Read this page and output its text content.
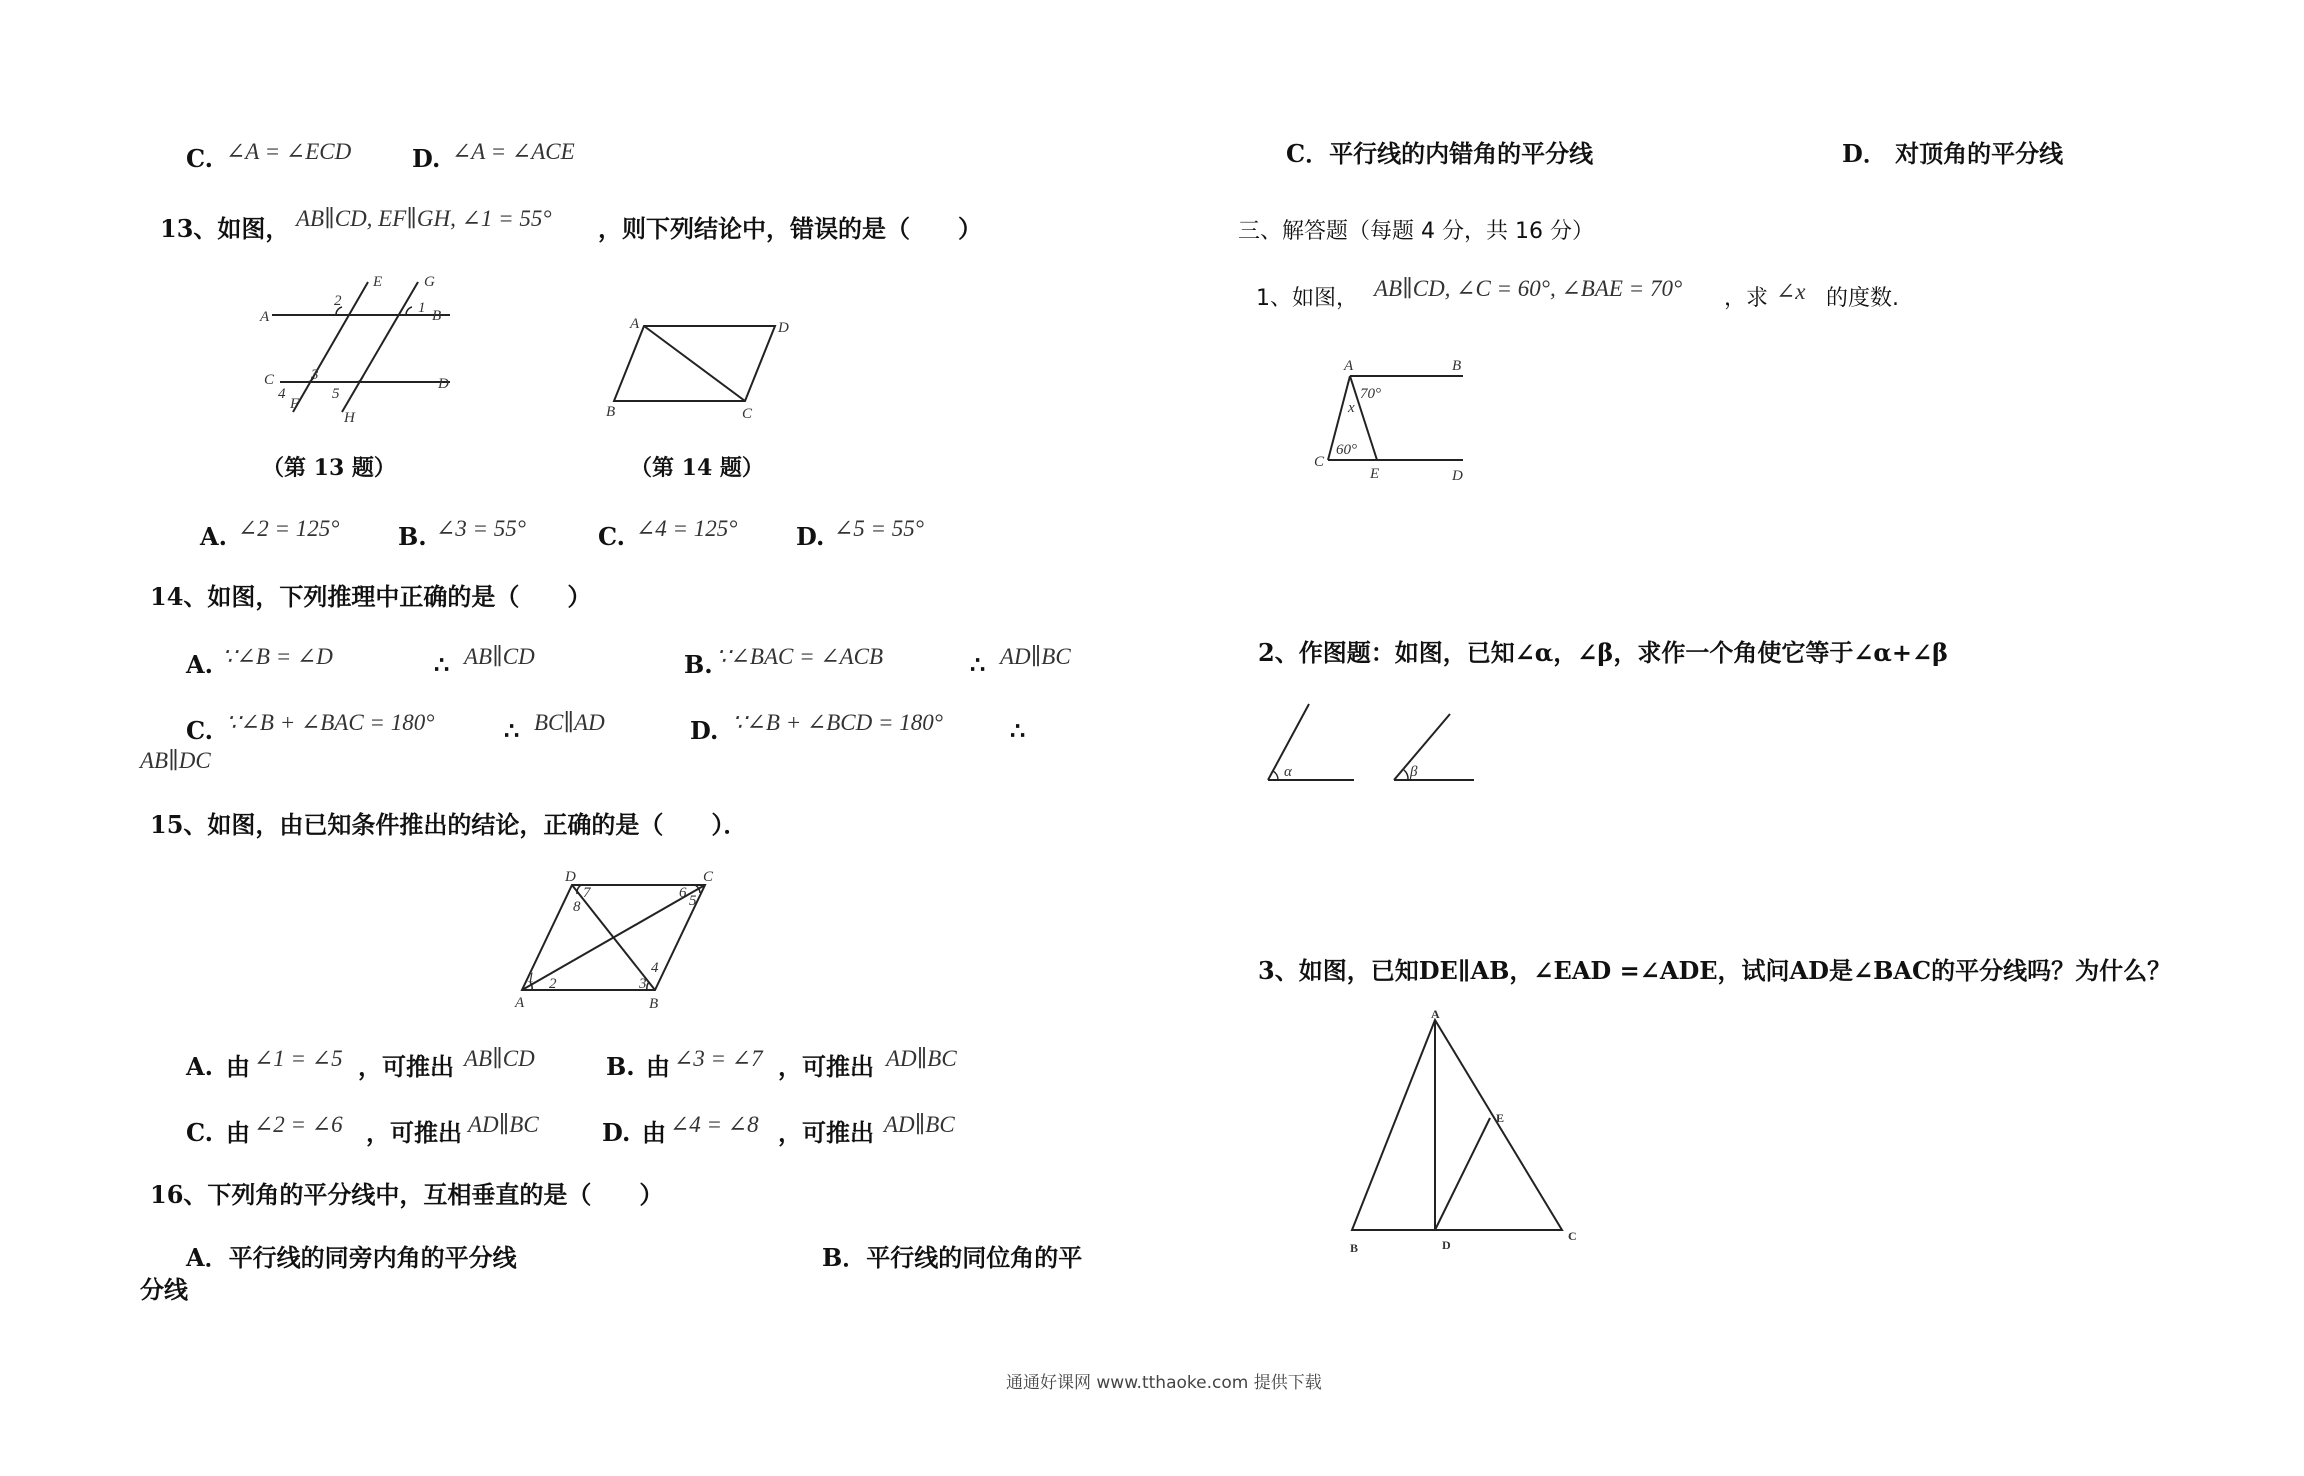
C. ∠A = ∠ECD	D. ∠A = ∠ACE
13、如图， AB∥CD, EF∥GH, ∠1 = 55° ，则下列结论中，错误的是（　　）
A	B
C	D
E
F
G
H
1
2
3
4	5
A
B	C
D
（第 13 题）	（第 14 题）
A. ∠2 = 125° B. ∠3 = 55°	C. ∠4 = 125° D. ∠5 = 55°
14、如图，下列推理中正确的是（　　）
A. ∵∠B = ∠D	∴ AB∥CD	B. ∵∠BAC = ∠ACB	∴ AD∥BC
C. ∵∠B + ∠BAC = 180°	∴ BC∥AD	D. ∵∠B + ∠BCD = 180°	∴
AB∥DC
15、如图，由已知条件推出的结论，正确的是（　　）．
A	B
C
D
1 2	3
4
5
6
7
8
A. 由 ∠1 = ∠5 ，可推出 AB∥CD	B. 由 ∠3 = ∠7 ，可推出 AD∥BC
C. 由 ∠2 = ∠6 ，可推出 AD∥BC	D. 由 ∠4 = ∠8 ，可推出 AD∥BC
16、下列角的平分线中，互相垂直的是（　　）
A．平行线的同旁内角的平分线	B．平行线的同位角的平
分线
C．平行线的内错角的平分线	D． 对顶角的平分线
三、解答题（每题 4 分，共 16 分）
1、如图， AB∥CD, ∠C = 60°, ∠BAE = 70° ，求 ∠x 的度数.
A	B
C
D
E
x
70°
60°
2、作图题：如图，已知∠α，∠β，求作一个角使它等于∠α+∠β
α	β
3、如图，已知DE∥AB，∠EAD =∠ADE，试问AD是∠BAC的平分线吗？为什么？
A
B
C
D
E
通通好课网 www.tthaoke.com 提供下载
